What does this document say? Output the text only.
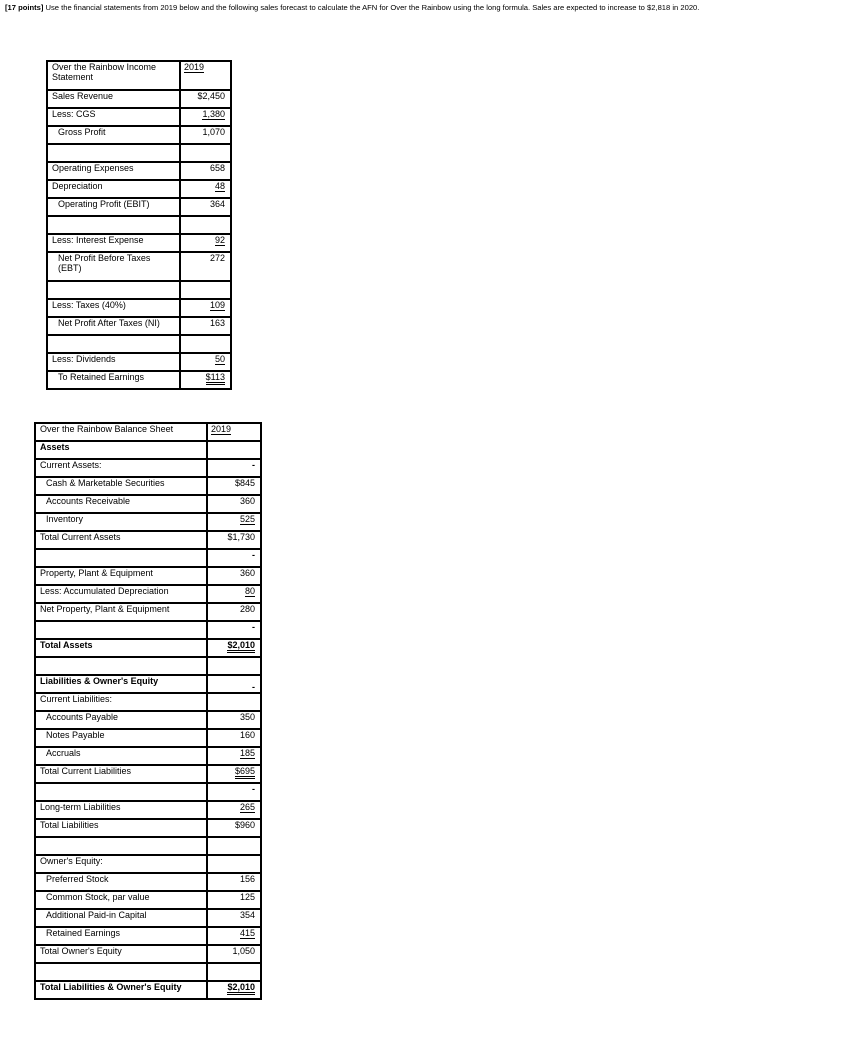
[17 points] Use the financial statements from 2019 below and the following sales forecast to calculate the AFN for Over the Rainbow using the long formula. Sales are expected to increase to $2,818 in 2020.
Over the Rainbow Income Statement	2019
Sales Revenue	$2,450
Less: CGS	1,380
Gross Profit	1,070

Operating Expenses	658
Depreciation	48
Operating Profit (EBIT)	364

Less: Interest Expense	92
Net Profit Before Taxes (EBT)	272

Less: Taxes (40%)	109
Net Profit After Taxes (NI)	163

Less: Dividends	50
To Retained Earnings	$113
Over the Rainbow Balance Sheet	2019
Assets	
Current Assets:	-
Cash & Marketable Securities	$845
Accounts Receivable	360
Inventory	525
Total Current Assets	$1,730
	-
Property, Plant & Equipment	360
Less: Accumulated Depreciation	80
Net Property, Plant & Equipment	280
	-
Total Assets	$2,010

Liabilities & Owner's Equity	-
Current Liabilities:	
Accounts Payable	350
Notes Payable	160
Accruals	185
Total Current Liabilities	$695
	-
Long-term Liabilities	265
Total Liabilities	$960

Owner's Equity:	
Preferred Stock	156
Common Stock, par value	125
Additional Paid-in Capital	354
Retained Earnings	415
Total Owner's Equity	1,050

Total Liabilities & Owner's Equity	$2,010
